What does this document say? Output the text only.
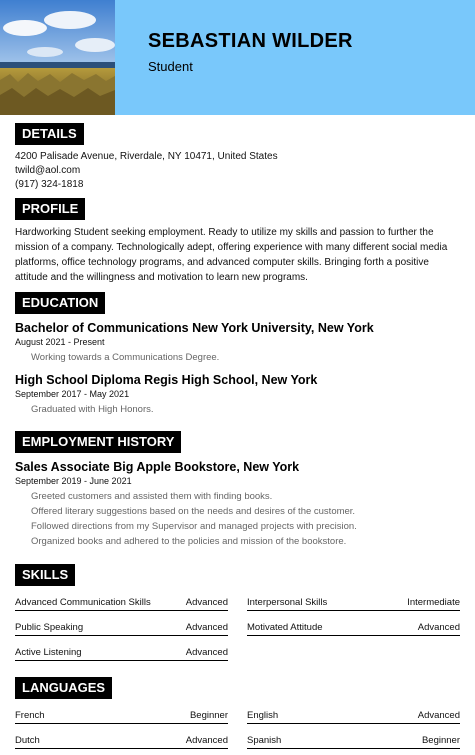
SEBASTIAN WILDER
Student
DETAILS
4200 Palisade Avenue, Riverdale, NY 10471, United States
twild@aol.com
(917) 324-1818
PROFILE
Hardworking Student seeking employment. Ready to utilize my skills and passion to further the
mission of a company. Technologically adept, offering experience with many different social media
platforms, office technology programs, and advanced computer skills. Bringing forth a positive
attitude and the willingness and motivation to learn new programs.
EDUCATION
Bachelor of Communications New York University, New York
August 2021 - Present
Working towards a Communications Degree.
High School Diploma Regis High School, New York
September 2017 - May 2021
Graduated with High Honors.
EMPLOYMENT HISTORY
Sales Associate Big Apple Bookstore, New York
September 2019 - June 2021
Greeted customers and assisted them with finding books.
Offered literary suggestions based on the needs and desires of the customer.
Followed directions from my Supervisor and managed projects with precision.
Organized books and adhered to the policies and mission of the bookstore.
SKILLS
Advanced Communication Skills	Advanced Interpersonal Skills	Intermediate
Public Speaking	Advanced Motivated Attitude	Advanced
Active Listening	Advanced
LANGUAGES
French	Beginner English	Advanced
Dutch	Advanced Spanish	Beginner
